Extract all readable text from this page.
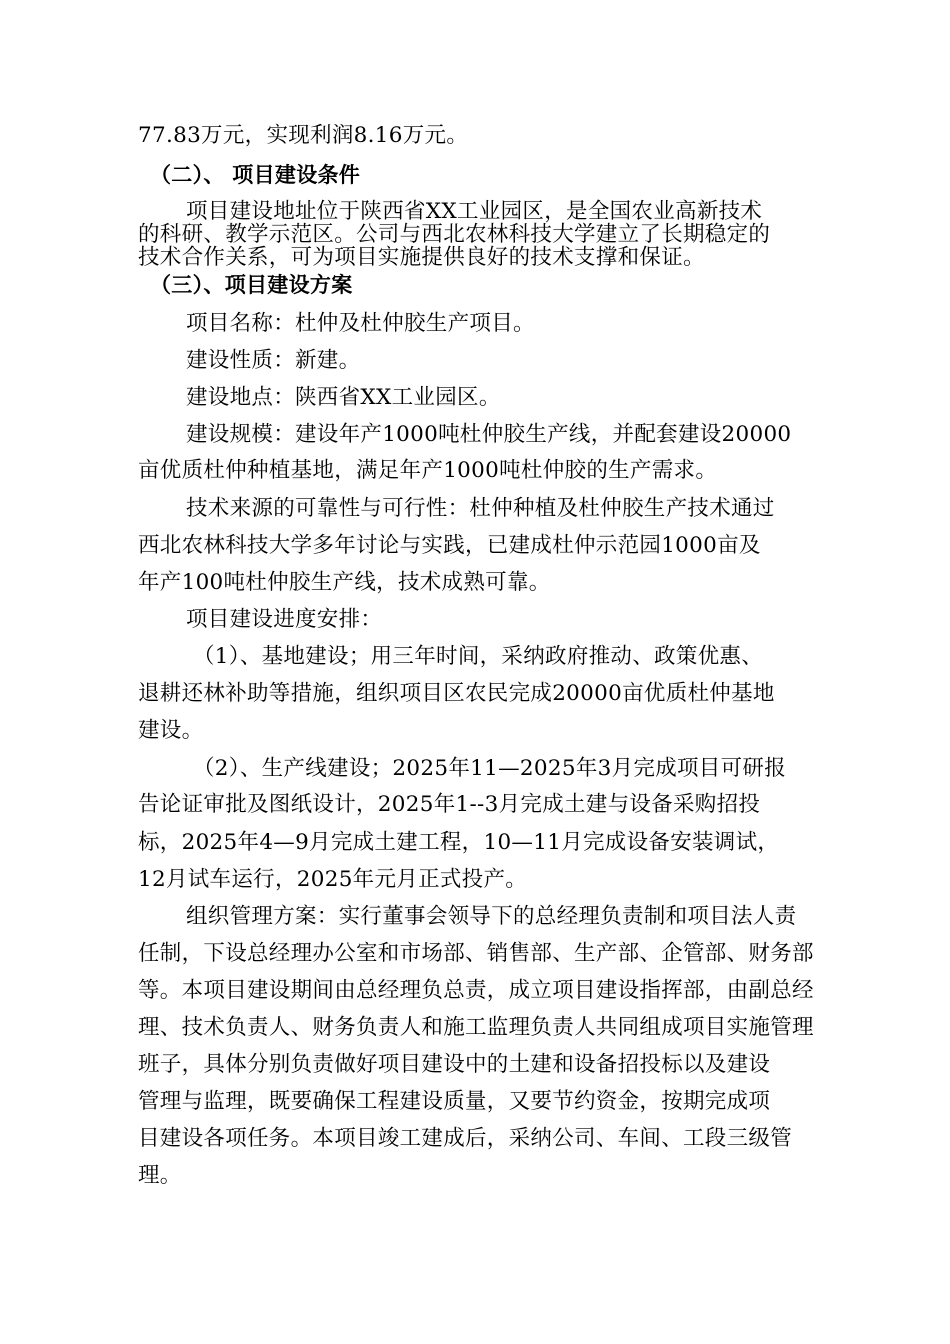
77.83万元，实现利润8.16万元。
（二）、 项目建设条件
项目建设地址位于陕西省XX工业园区，是全国农业高新技术
的科研、教学示范区。公司与西北农林科技大学建立了长期稳定的
技术合作关系，可为项目实施提供良好的技术支撑和保证。
（三）、项目建设方案
项目名称：杜仲及杜仲胶生产项目。
建设性质：新建。
建设地点：陕西省XX工业园区。
建设规模：建设年产1000吨杜仲胶生产线，并配套建设20000
亩优质杜仲种植基地，满足年产1000吨杜仲胶的生产需求。
技术来源的可靠性与可行性：杜仲种植及杜仲胶生产技术通过
西北农林科技大学多年讨论与实践，已建成杜仲示范园1000亩及
年产100吨杜仲胶生产线，技术成熟可靠。
项目建设进度安排：
（1）、基地建设；用三年时间，采纳政府推动、政策优惠、
退耕还林补助等措施，组织项目区农民完成20000亩优质杜仲基地
建设。
（2）、生产线建设；2025年11—2025年3月完成项目可研报
告论证审批及图纸设计，2025年1--3月完成土建与设备采购招投
标，2025年4—9月完成土建工程，10—11月完成设备安装调试，
12月试车运行，2025年元月正式投产。
组织管理方案：实行董事会领导下的总经理负责制和项目法人责
任制，下设总经理办公室和市场部、销售部、生产部、企管部、财务部
等。本项目建设期间由总经理负总责，成立项目建设指挥部，由副总经
理、技术负责人、财务负责人和施工监理负责人共同组成项目实施管理
班子，具体分别负责做好项目建设中的土建和设备招投标以及建设
管理与监理，既要确保工程建设质量，又要节约资金，按期完成项
目建设各项任务。本项目竣工建成后，采纳公司、车间、工段三级管
理。
